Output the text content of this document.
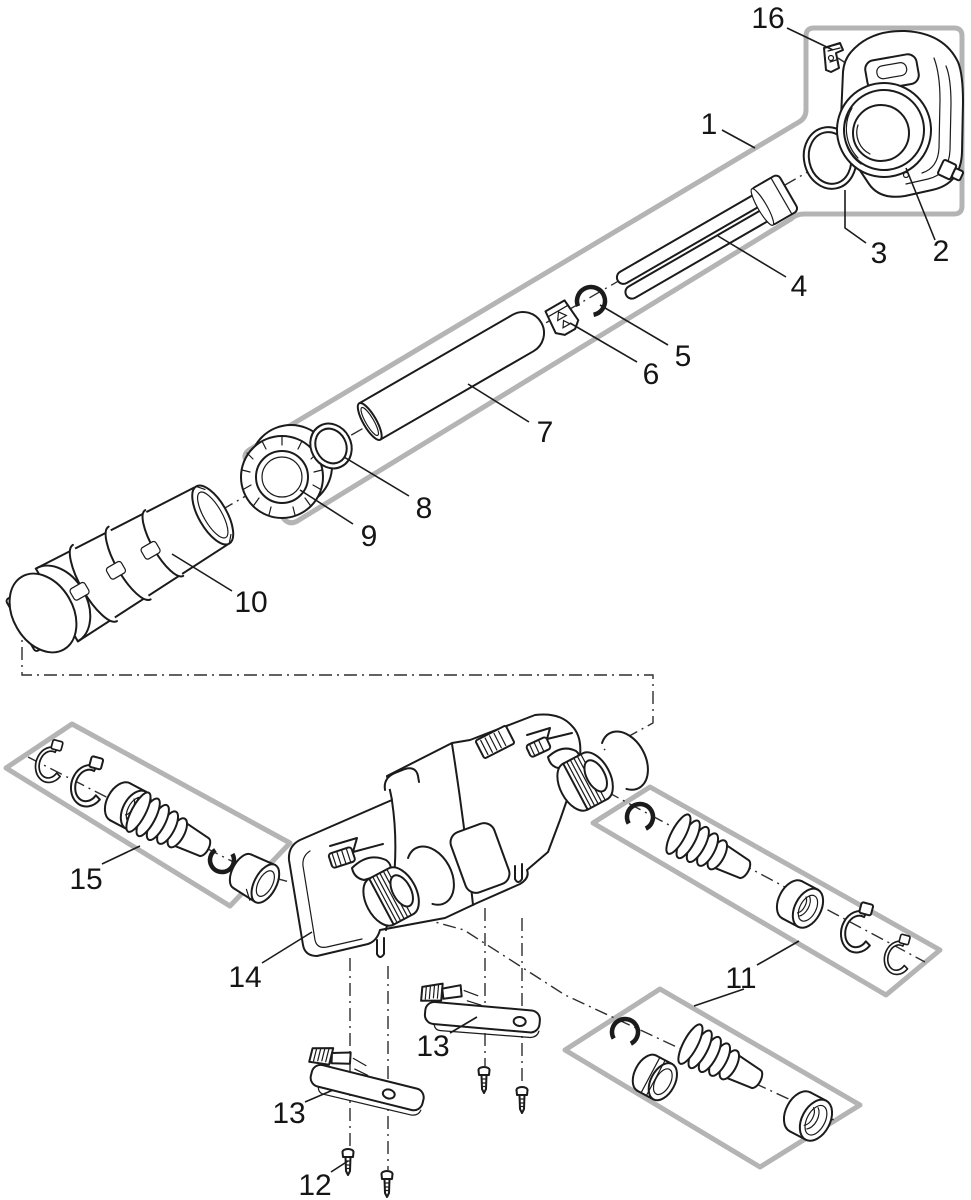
16
1
3 2
4
5
6
7
8
9
10
15
14	11
13
13
12
